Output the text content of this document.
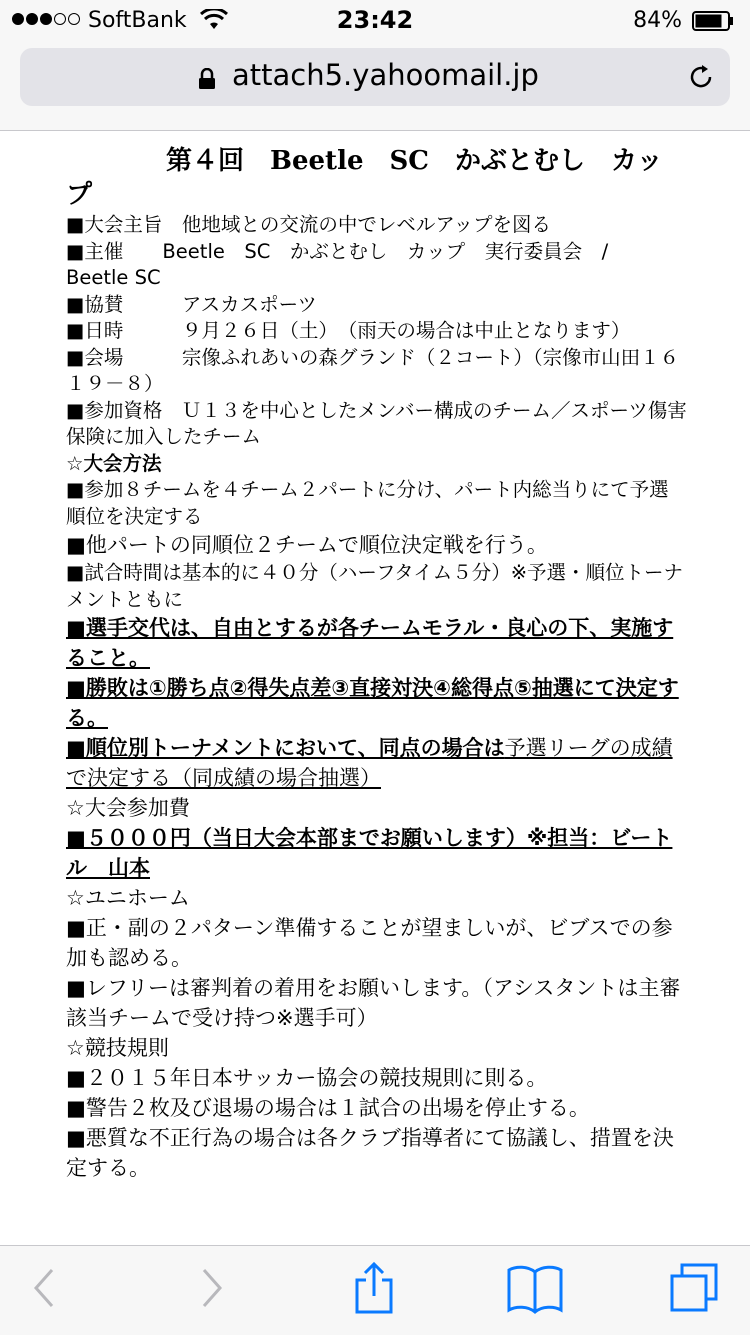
SoftBank	23:42	84%
attach5.yahoomail.jp

第４回　Beetle　SC　かぶとむし　カップ

■大会主旨　他地域との交流の中でレベルアップを図る

■主催　　Beetle　SC　かぶとむし　カップ　実行委員会　/　Beetle SC

■協賛　　　アスカスポーツ

■日時　　　９月２６日（土）　（雨天の場合は中止となります）

■会場　　　宗像ふれあいの森グランド（２コート）（宗像市山田１６１９－８）

■参加資格　Ｕ１３を中心としたメンバー構成のチーム／スポーツ傷害保険に加入したチーム

☆大会方法

■参加８チームを４チーム２パートに分け、パート内総当りにて予選順位を決定する

■他パートの同順位２チームで順位決定戦を行う。

■試合時間は基本的に４０分（ハーフタイム５分）※予選・順位トーナメントともに

■選手交代は、自由とするが各チームモラル・良心の下、実施すること。

■勝敗は①勝ち点②得失点差③直接対決④総得点⑤抽選にて決定する。

■順位別トーナメントにおいて、同点の場合は予選リーグの成績で決定する（同成績の場合抽選）

☆大会参加費

■５０００円（当日大会本部までお願いします）※担当：ビートル　山本

☆ユニホーム

■正・副の２パターン準備することが望ましいが、ビブスでの参加も認める。

■レフリーは審判着の着用をお願いします。（アシスタントは主審該当チームで受け持つ※選手可）

☆競技規則

■２０１５年日本サッカー協会の競技規則に則る。

■警告２枚及び退場の場合は１試合の出場を停止する。

■悪質な不正行為の場合は各クラブ指導者にて協議し、措置を決定する。
